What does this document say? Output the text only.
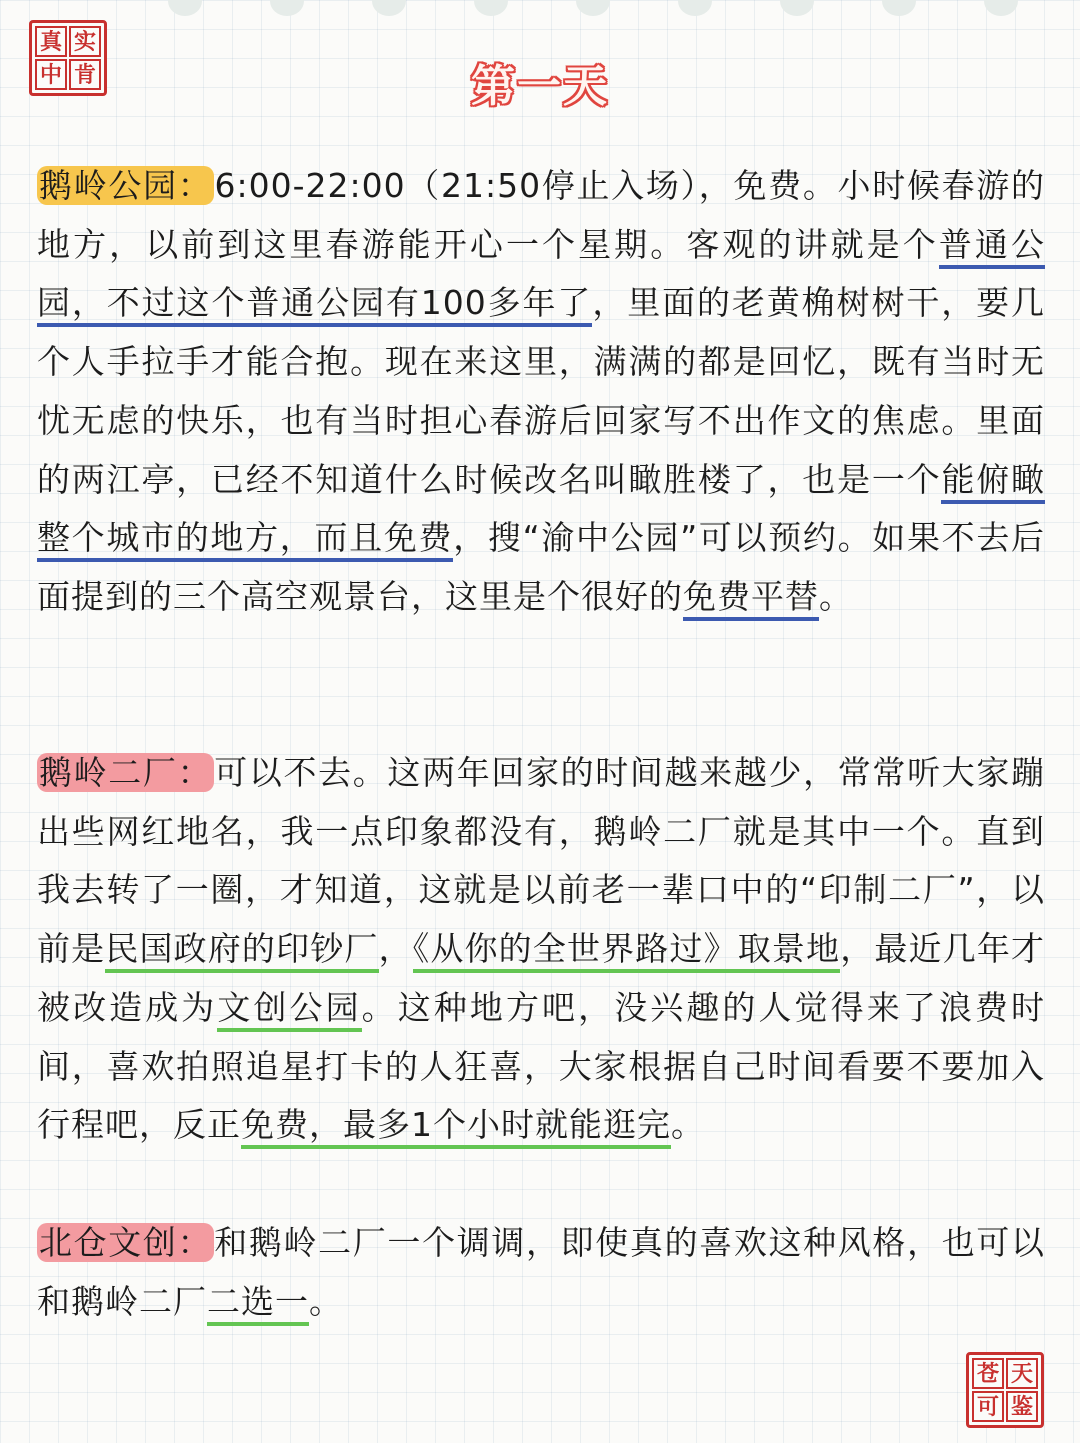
真 实
中 肯	第一天

鹅岭公园：6:00-22:00（21:50停止入场），免费。小时候春游的地方，以前到这里春游能开心一个星期。客观的讲就是个普通公园，不过这个普通公园有100多年了，里面的老黄桷树树干，要几个人手拉手才能合抱。现在来这里，满满的都是回忆，既有当时无忧无虑的快乐，也有当时担心春游后回家写不出作文的焦虑。里面的两江亭，已经不知道什么时候改名叫瞰胜楼了，也是一个能俯瞰整个城市的地方，而且免费，搜“渝中公园”可以预约。如果不去后面提到的三个高空观景台，这里是个很好的免费平替。

鹅岭二厂：可以不去。这两年回家的时间越来越少，常常听大家蹦出些网红地名，我一点印象都没有，鹅岭二厂就是其中一个。直到我去转了一圈，才知道，这就是以前老一辈口中的“印制二厂”，以前是民国政府的印钞厂，《从你的全世界路过》取景地，最近几年才被改造成为文创公园。这种地方吧，没兴趣的人觉得来了浪费时间，喜欢拍照追星打卡的人狂喜，大家根据自己时间看要不要加入行程吧，反正免费，最多1个小时就能逛完。

北仓文创：和鹅岭二厂一个调调，即使真的喜欢这种风格，也可以和鹅岭二厂二选一。

苍 天
可 鉴
